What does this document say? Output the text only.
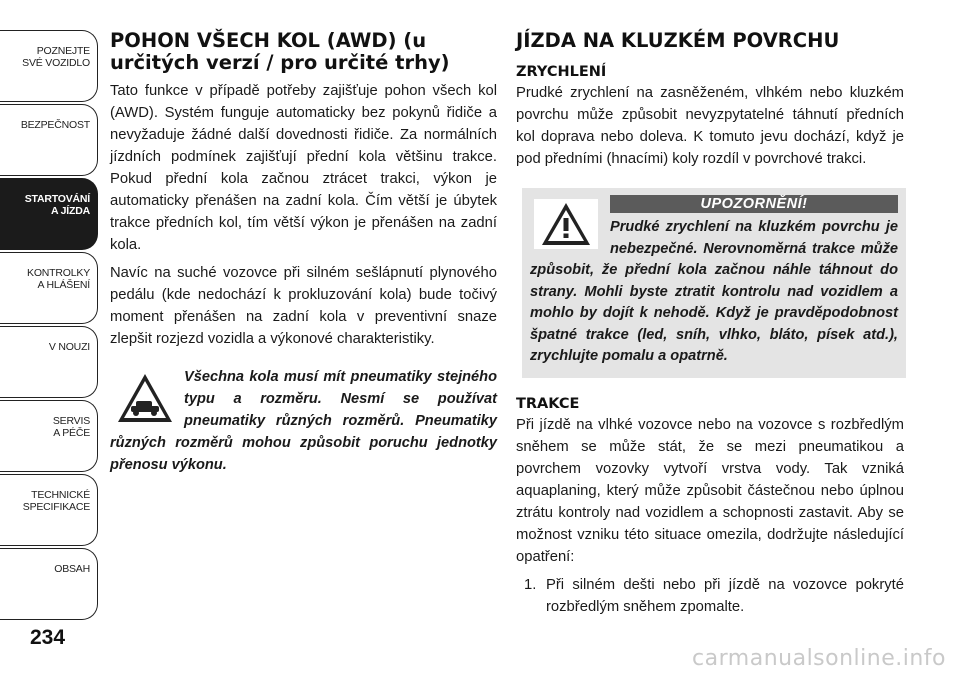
POZNEJTE
SVÉ VOZIDLO
BEZPEČNOST
STARTOVÁNÍ
A JÍZDA
KONTROLKY
A HLÁŠENÍ
V NOUZI
SERVIS
A PÉČE
TECHNICKÉ
SPECIFIKACE
OBSAH
234
POHON VŠECH KOL (AWD) (u určitých verzí / pro určité trhy)

Tato funkce v případě potřeby zajišťuje pohon všech kol (AWD). Systém funguje automaticky bez pokynů řidiče a nevyžaduje žádné další dovednosti řidiče. Za normálních jízdních podmínek zajišťují přední kola většinu trakce. Pokud přední kola začnou ztrácet trakci, výkon je automaticky přenášen na zadní kola. Čím větší je úbytek trakce předních kol, tím větší výkon je přenášen na zadní kola.

Navíc na suché vozovce při silném sešlápnutí plynového pedálu (kde nedochází k prokluzování kola) bude točivý moment přenášen na zadní kola v preventivní snaze zlepšit rozjezd vozidla a výkonové charakteristiky.

Všechna kola musí mít pneumatiky stejného typu a rozměru. Nesmí se používat pneumatiky různých rozměrů. Pneumatiky různých rozměrů mohou způsobit poruchu jednotky přenosu výkonu.
JÍZDA NA KLUZKÉM POVRCHU
ZRYCHLENÍ

Prudké zrychlení na zasněženém, vlhkém nebo kluzkém povrchu může způsobit nevyzpytatelné táhnutí předních kol doprava nebo doleva. K tomuto jevu dochází, když je pod předními (hnacími) koly rozdíl v povrchové trakci.

UPOZORNĚNÍ!
Prudké zrychlení na kluzkém povrchu je nebezpečné. Nerovnoměrná trakce může způsobit, že přední kola začnou náhle táhnout do strany. Mohli byste ztratit kontrolu nad vozidlem a mohlo by dojít k nehodě. Když je pravděpodobnost špatné trakce (led, sníh, vlhko, bláto, písek atd.), zrychlujte pomalu a opatrně.
TRAKCE

Při jízdě na vlhké vozovce nebo na vozovce s rozbředlým sněhem se může stát, že se mezi pneumatikou a povrchem vozovky vytvoří vrstva vody. Tak vzniká aquaplaning, který může způsobit částečnou nebo úplnou ztrátu kontroly nad vozidlem a schopnosti zastavit. Aby se možnost vzniku této situace omezila, dodržujte následující opatření:

1. Při silném dešti nebo při jízdě na vozovce pokryté rozbředlým sněhem zpomalte.
carmanualsonline.info
